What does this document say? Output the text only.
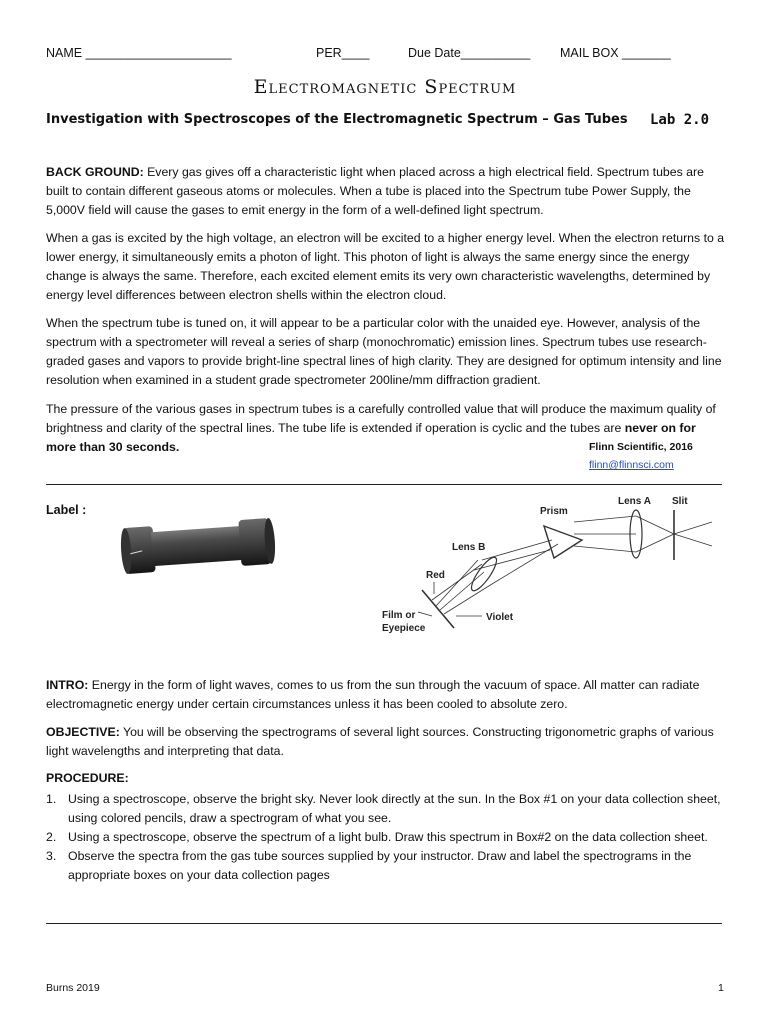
NAME _____________________	PER____	Due Date__________ MAIL BOX _______
Electromagnetic Spectrum
Investigation with Spectroscopes of the Electromagnetic Spectrum – Gas Tubes Lab 2.0

BACK GROUND: Every gas gives off a characteristic light when placed across a high electrical field. Spectrum tubes are built to contain different gaseous atoms or molecules. When a tube is placed into the Spectrum tube Power Supply, the 5,000V field will cause the gases to emit energy in the form of a well-defined light spectrum.

When a gas is excited by the high voltage, an electron will be excited to a higher energy level. When the electron returns to a lower energy, it simultaneously emits a photon of light. This photon of light is always the same energy since the energy change is always the same. Therefore, each excited element emits its very own characteristic wavelengths, determined by energy level differences between electron shells within the electron cloud.

When the spectrum tube is tuned on, it will appear to be a particular color with the unaided eye. However, analysis of the spectrum with a spectrometer will reveal a series of sharp (monochromatic) emission lines. Spectrum tubes use research- graded gases and vapors to provide bright-line spectral lines of high clarity. They are designed for optimum intensity and line resolution when examined in a student grade spectrometer 200line/mm diffraction gradient.

The pressure of the various gases in spectrum tubes is a carefully controlled value that will produce the maximum quality of brightness and clarity of the spectral lines. The tube life is extended if operation is cyclic and the tubes are never on for more than 30 seconds.	Flinn Scientific, 2016
flinn@flinnsci.com
Label :	Prism
Lens A Slit
Lens B
Red
Film or
Eyepiece
Violet

INTRO: Energy in the form of light waves, comes to us from the sun through the vacuum of space. All matter can radiate electromagnetic energy under certain circumstances unless it has been cooled to absolute zero.

OBJECTIVE: You will be observing the spectrograms of several light sources. Constructing trigonometric graphs of various light wavelengths and interpreting that data.

PROCEDURE:
1. Using a spectroscope, observe the bright sky. Never look directly at the sun. In the Box #1 on your data collection sheet, using colored pencils, draw a spectrogram of what you see.
2. Using a spectroscope, observe the spectrum of a light bulb. Draw this spectrum in Box#2 on the data collection sheet.
3. Observe the spectra from the gas tube sources supplied by your instructor. Draw and label the spectrograms in the appropriate boxes on your data collection pages
Burns 2019	1
